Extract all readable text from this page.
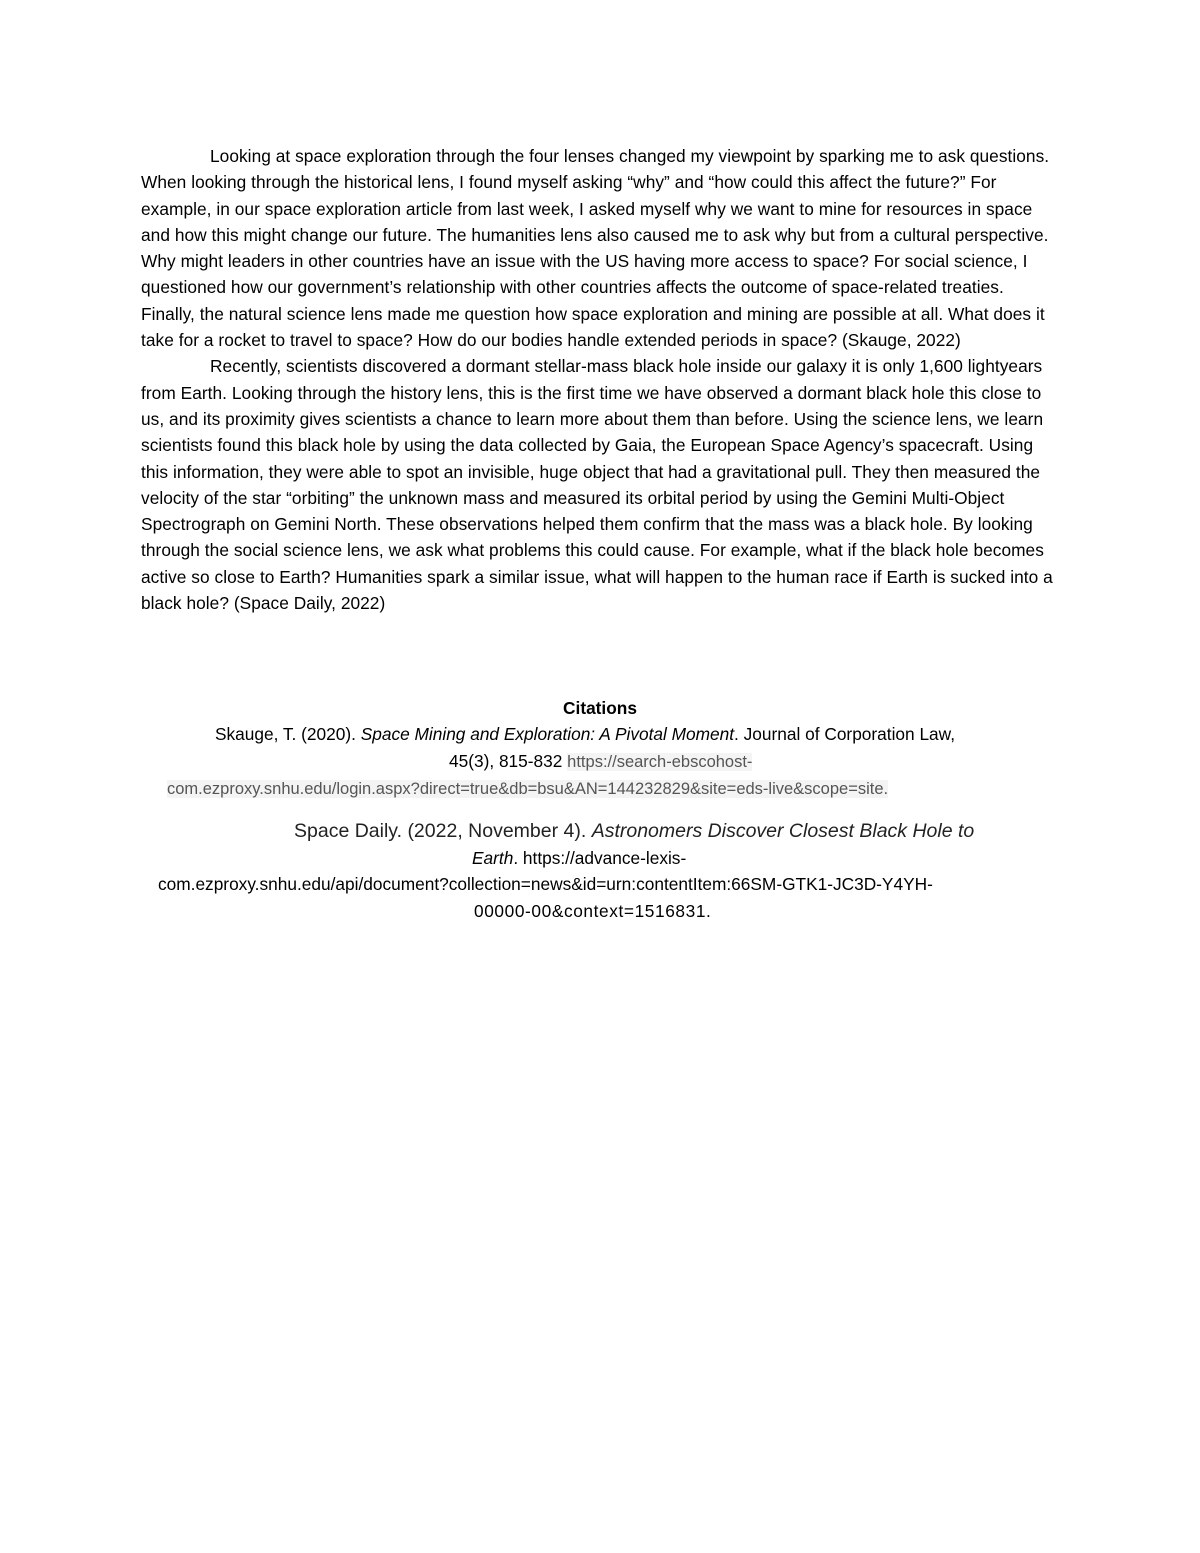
Looking at space exploration through the four lenses changed my viewpoint by sparking me to ask questions. When looking through the historical lens, I found myself asking “why” and “how could this affect the future?” For example, in our space exploration article from last week, I asked myself why we want to mine for resources in space and how this might change our future. The humanities lens also caused me to ask why but from a cultural perspective. Why might leaders in other countries have an issue with the US having more access to space? For social science, I questioned how our government’s relationship with other countries affects the outcome of space-related treaties. Finally, the natural science lens made me question how space exploration and mining are possible at all. What does it take for a rocket to travel to space? How do our bodies handle extended periods in space? (Skauge, 2022)

Recently, scientists discovered a dormant stellar-mass black hole inside our galaxy it is only 1,600 lightyears from Earth. Looking through the history lens, this is the first time we have observed a dormant black hole this close to us, and its proximity gives scientists a chance to learn more about them than before. Using the science lens, we learn scientists found this black hole by using the data collected by Gaia, the European Space Agency’s spacecraft. Using this information, they were able to spot an invisible, huge object that had a gravitational pull. They then measured the velocity of the star “orbiting” the unknown mass and measured its orbital period by using the Gemini Multi-Object Spectrograph on Gemini North. These observations helped them confirm that the mass was a black hole. By looking through the social science lens, we ask what problems this could cause. For example, what if the black hole becomes active so close to Earth? Humanities spark a similar issue, what will happen to the human race if Earth is sucked into a black hole? (Space Daily, 2022)

Citations
Skauge, T. (2020). Space Mining and Exploration: A Pivotal Moment. Journal of Corporation Law,
45(3), 815-832 https://search-ebscohost-
com.ezproxy.snhu.edu/login.aspx?direct=true&db=bsu&AN=144232829&site=eds-live&scope=site.
Space Daily. (2022, November 4). Astronomers Discover Closest Black Hole to
Earth. https://advance-lexis-
com.ezproxy.snhu.edu/api/document?collection=news&id=urn:contentItem:66SM-GTK1-JC3D-Y4YH-
00000-00&context=1516831.
